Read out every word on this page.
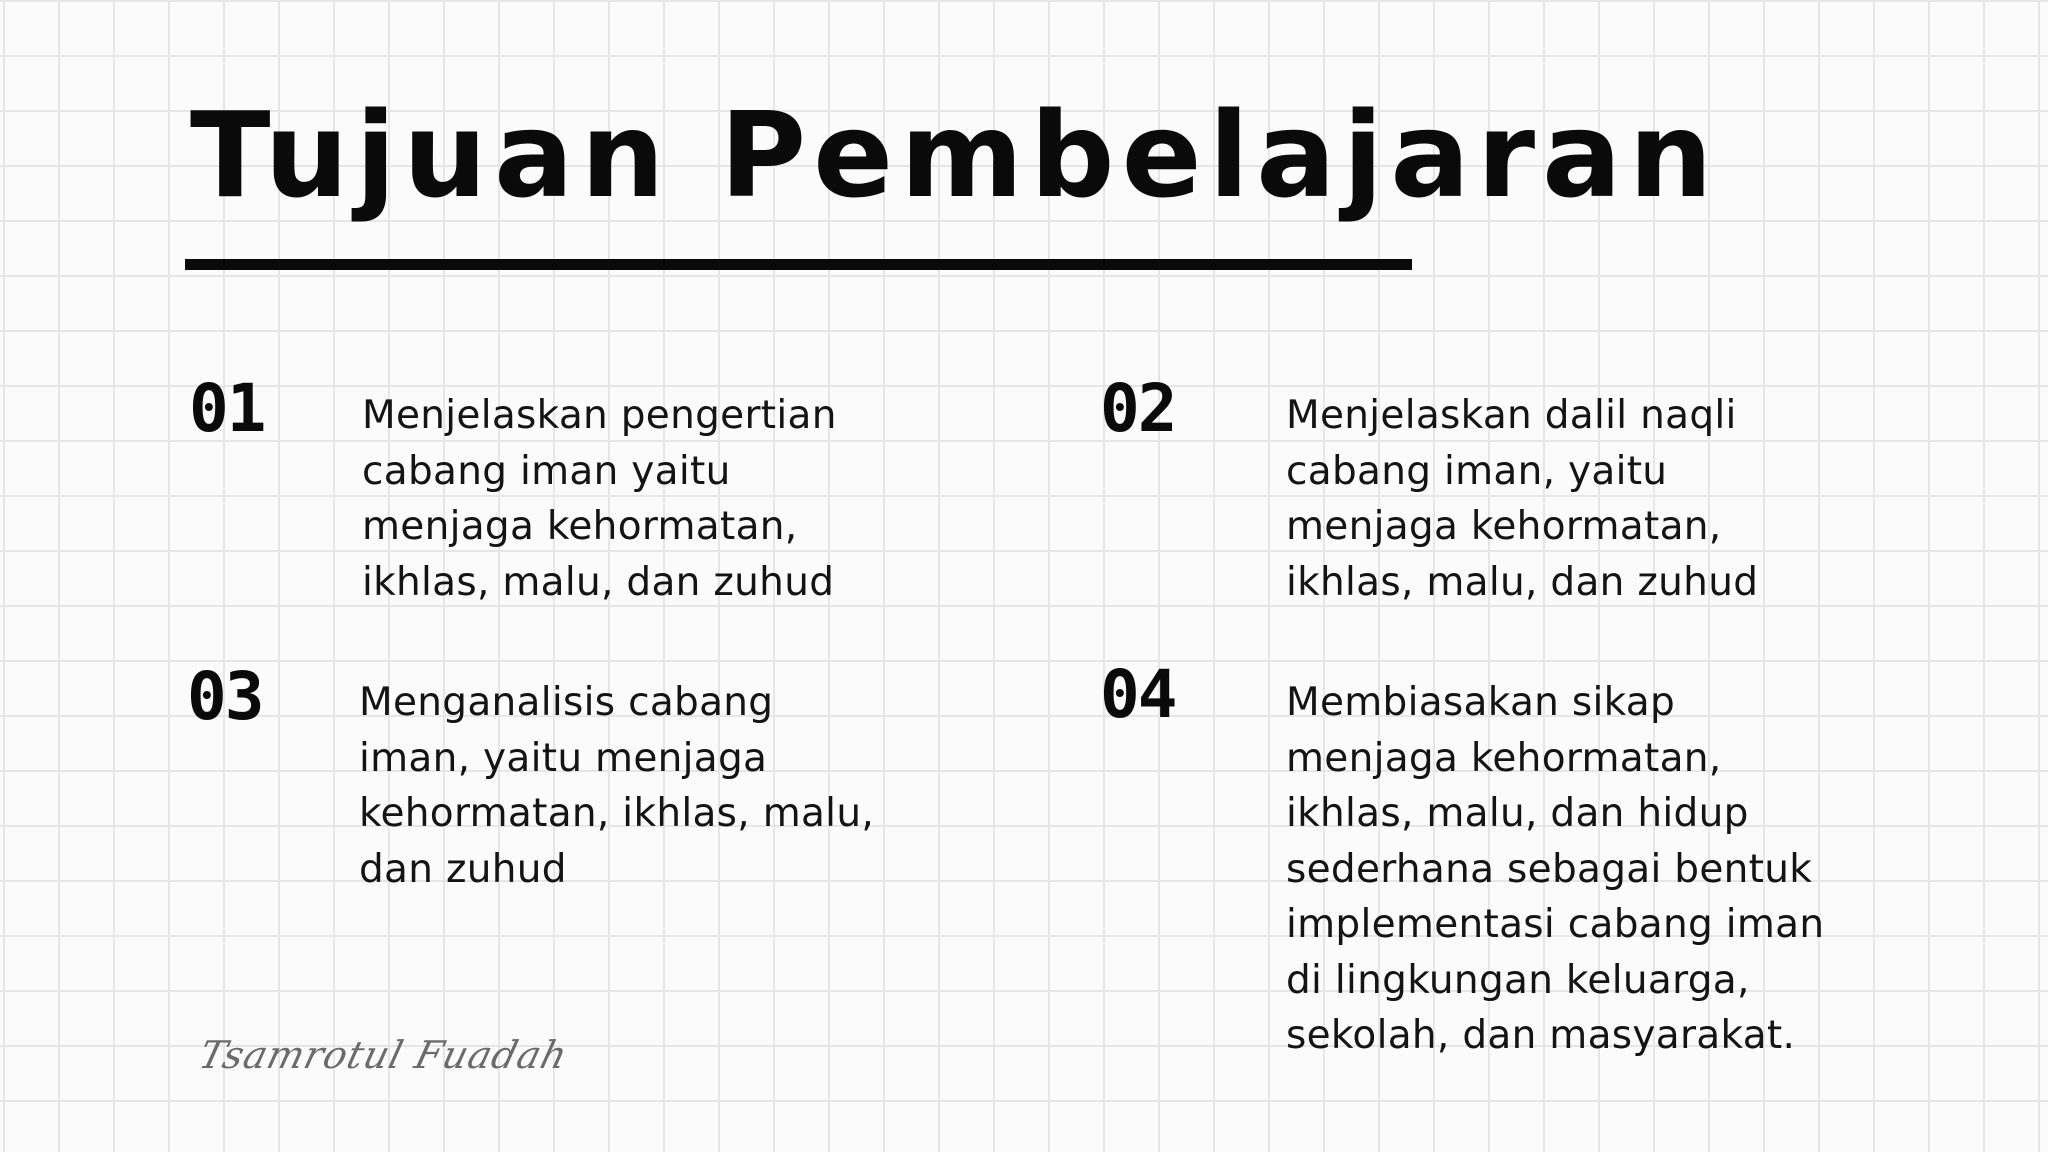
Tujuan Pembelajaran

01	Menjelaskan pengertian
cabang iman yaitu
menjaga kehormatan,
ikhlas, malu, dan zuhud

02	Menjelaskan dalil naqli
cabang iman, yaitu
menjaga kehormatan,
ikhlas, malu, dan zuhud

03 Menganalisis cabang
iman, yaitu menjaga
kehormatan, ikhlas, malu,
dan zuhud

04	Membiasakan sikap
menjaga kehormatan,
ikhlas, malu, dan hidup
sederhana sebagai bentuk
implementasi cabang iman
di lingkungan keluarga,
sekolah, dan masyarakat.

Tsamrotul Fuadah
